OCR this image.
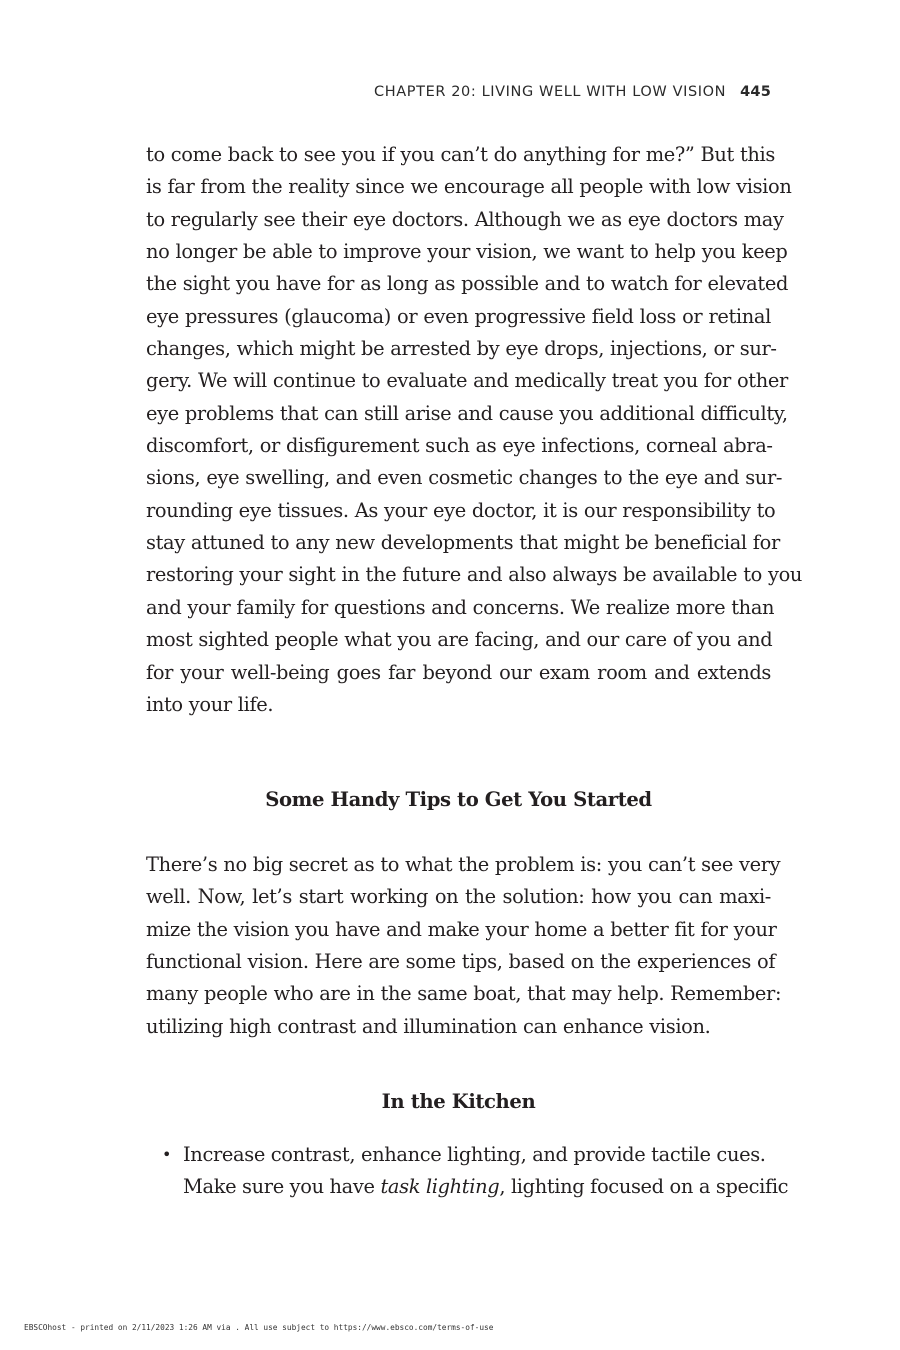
CHAPTER 20: LIVING WELL WITH LOW VISION 445
to come back to see you if you can’t do anything for me?” But this
is far from the reality since we encourage all people with low vision
to regularly see their eye doctors. Although we as eye doctors may
no longer be able to improve your vision, we want to help you keep
the sight you have for as long as possible and to watch for elevated
eye pressures (glaucoma) or even progressive field loss or retinal
changes, which might be arrested by eye drops, injections, or sur-
gery. We will continue to evaluate and medically treat you for other
eye problems that can still arise and cause you additional difficulty,
discomfort, or disfigurement such as eye infections, corneal abra-
sions, eye swelling, and even cosmetic changes to the eye and sur-
rounding eye tissues. As your eye doctor, it is our responsibility to
stay attuned to any new developments that might be beneficial for
restoring your sight in the future and also always be available to you
and your family for questions and concerns. We realize more than
most sighted people what you are facing, and our care of you and
for your well-being goes far beyond our exam room and extends
into your life.
Some Handy Tips to Get You Started
There’s no big secret as to what the problem is: you can’t see very
well. Now, let’s start working on the solution: how you can maxi-
mize the vision you have and make your home a better fit for your
functional vision. Here are some tips, based on the experiences of
many people who are in the same boat, that may help. Remember:
utilizing high contrast and illumination can enhance vision.
In the Kitchen
• Increase contrast, enhance lighting, and provide tactile cues.
Make sure you have task lighting, lighting focused on a specific
EBSCOhost - printed on 2/11/2023 1:26 AM via . All use subject to https://www.ebsco.com/terms-of-use
